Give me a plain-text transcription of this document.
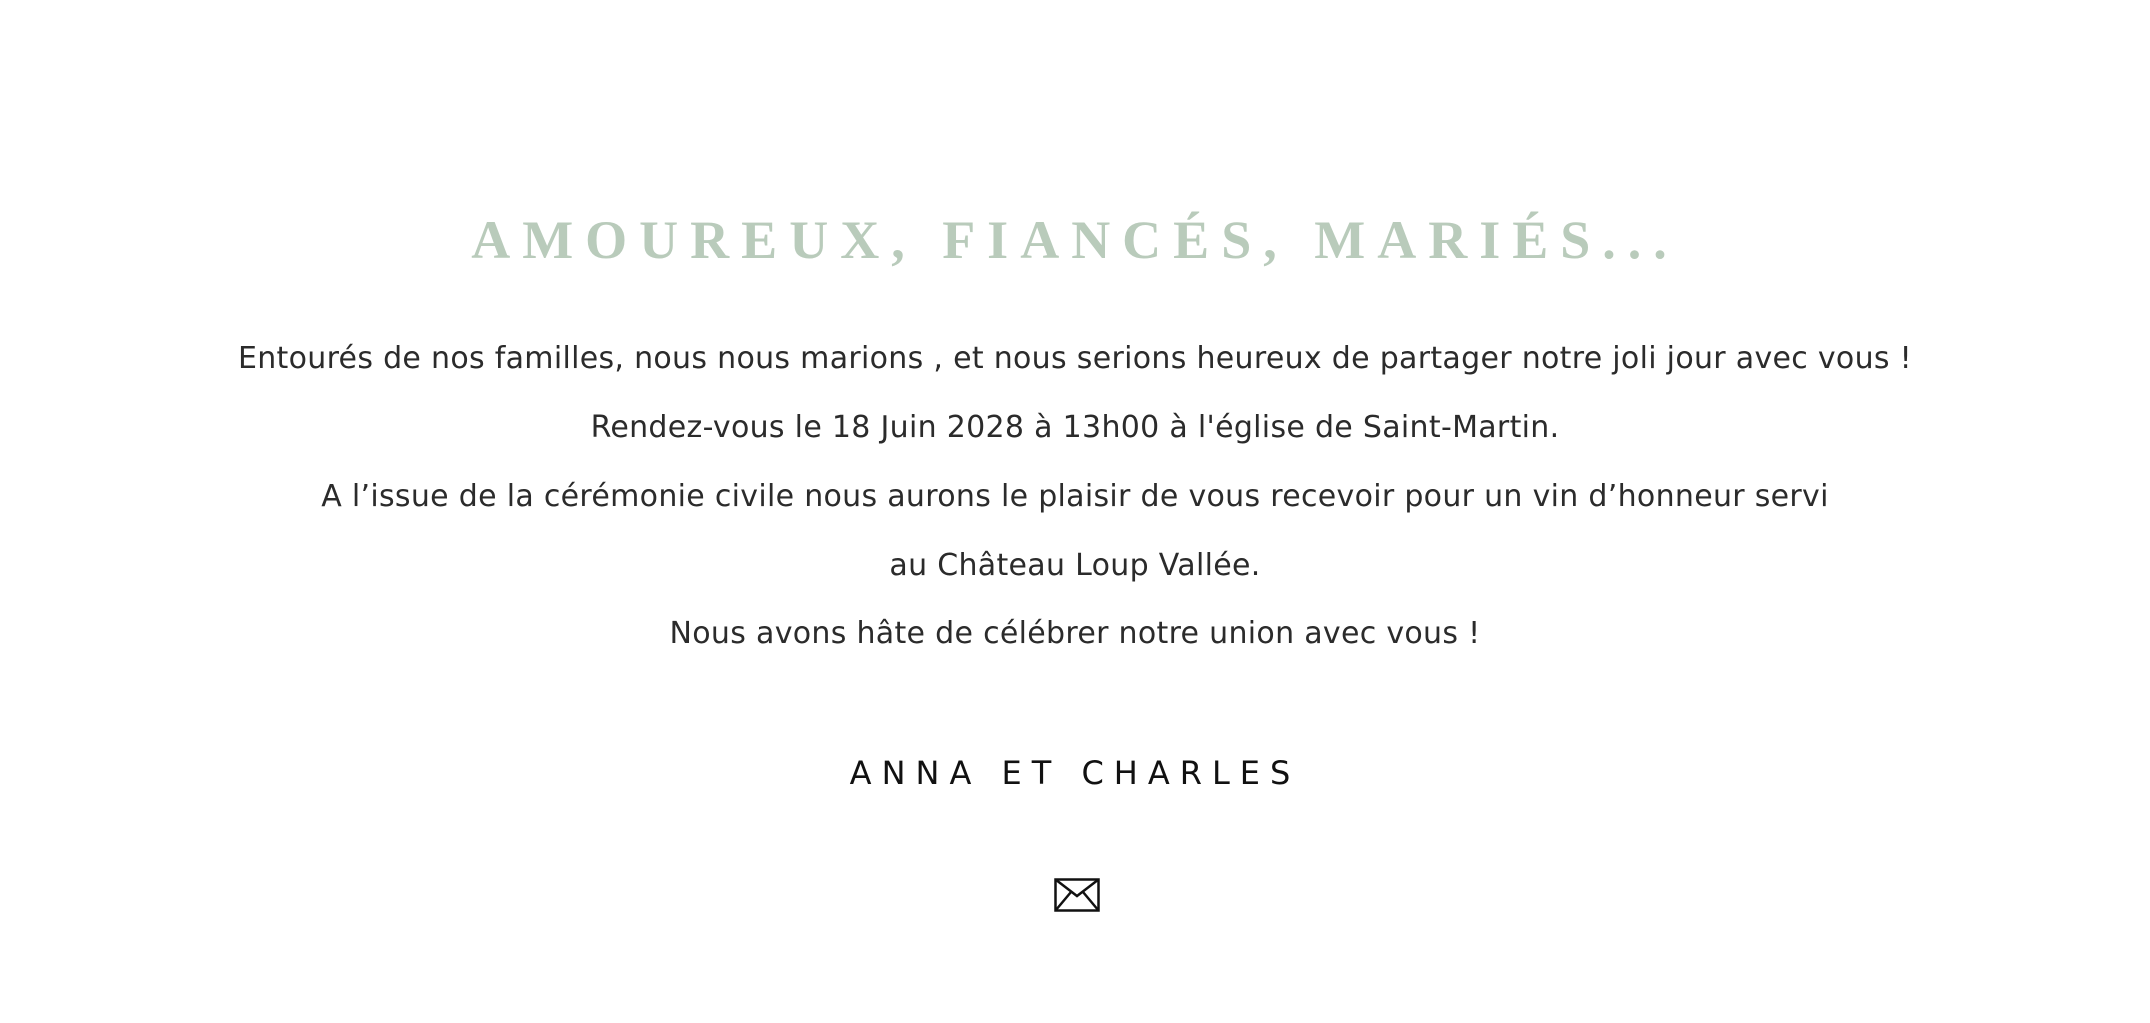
AMOUREUX, FIANCÉS, MARIÉS...
Entourés de nos familles, nous nous marions , et nous serions heureux de partager notre joli jour avec vous !
Rendez-vous le 18 Juin 2028 à 13h00 à l'église de Saint-Martin.
A l’issue de la cérémonie civile nous aurons le plaisir de vous recevoir pour un vin d’honneur servi
au Château Loup Vallée.
Nous avons hâte de célébrer notre union avec vous !
ANNA ET CHARLES
